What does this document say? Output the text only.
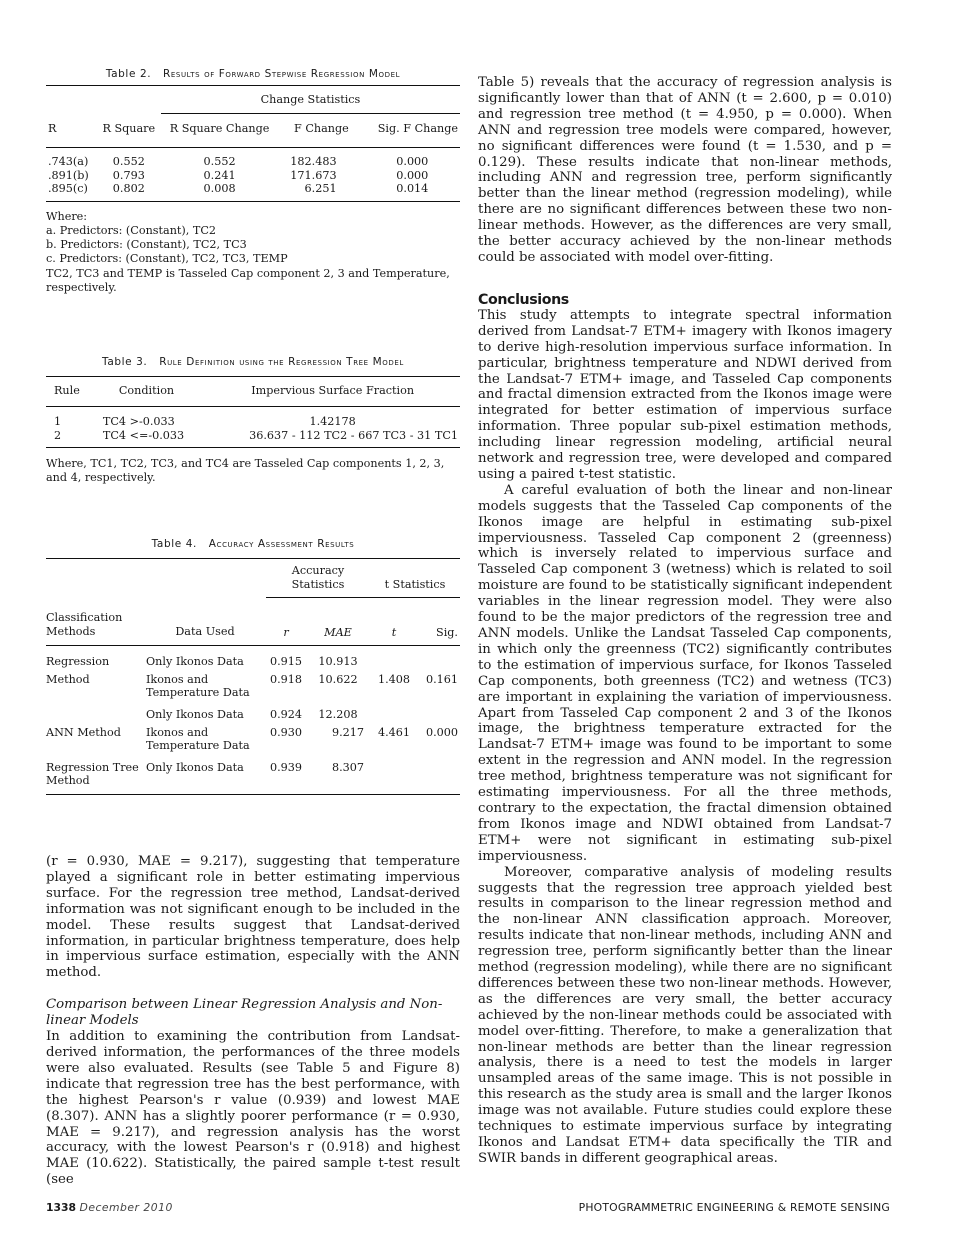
Table 2. Results of Forward Stepwise Regression Model

		Change Statistics		
R	R Square	R Square Change	F Change	Sig. F Change
.743(a)	0.552	0.552	182.483	0.000
.891(b)	0.793	0.241	171.673	0.000
.895(c)	0.802	0.008	6.251	0.014

Where:

a. Predictors: (Constant), TC2

b. Predictors: (Constant), TC2, TC3

c. Predictors: (Constant), TC2, TC3, TEMP

TC2, TC3 and TEMP is Tasseled Cap component 2, 3 and Temperature, respectively.

Table 3. Rule Definition using the Regression Tree Model

Rule	Condition	Impervious Surface Fraction
1	TC4 >-0.033	1.42178
2	TC4 <=-0.033	36.637 - 112 TC2 - 667 TC3 - 31 TC1

Where, TC1, TC2, TC3, and TC4 are Tasseled Cap components 1, 2, 3, and 4, respectively.

Table 4. Accuracy Assessment Results

		Accuracy Statistics		t Statistics	
Classification Methods	Data Used	r	MAE	t	Sig.
Regression	Only Ikonos Data	0.915	10.913		
Method	Ikonos and Temperature Data	0.918	10.622	1.408	0.161
	Only Ikonos Data	0.924	12.208		
ANN Method	Ikonos and Temperature Data	0.930	9.217	4.461	0.000
Regression Tree Method	Only Ikonos Data	0.939	8.307		

(r = 0.930, MAE = 9.217), suggesting that temperature played a significant role in better estimating impervious surface. For the regression tree method, Landsat-derived information was not significant enough to be included in the model. These results suggest that Landsat-derived information, in particular brightness temperature, does help in impervious surface estimation, especially with the ANN method.

Comparison between Linear Regression Analysis and Non-linear Models

In addition to examining the contribution from Landsat-derived information, the performances of the three models were also evaluated. Results (see Table 5 and Figure 8) indicate that regression tree has the best performance, with the highest Pearson's r value (0.939) and lowest MAE (8.307). ANN has a slightly poorer performance (r = 0.930, MAE = 9.217), and regression analysis has the worst accuracy, with the lowest Pearson's r (0.918) and highest MAE (10.622). Statistically, the paired sample t-test result (see

Table 5) reveals that the accuracy of regression analysis is significantly lower than that of ANN (t = 2.600, p = 0.010) and regression tree method (t = 4.950, p = 0.000). When ANN and regression tree models were compared, however, no significant differences were found (t = 1.530, and p = 0.129). These results indicate that non-linear methods, including ANN and regression tree, perform significantly better than the linear method (regression modeling), while there are no significant differences between these two non-linear methods. However, as the differences are very small, the better accuracy achieved by the non-linear methods could be associated with model over-fitting.

Conclusions

This study attempts to integrate spectral information derived from Landsat-7 ETM+ imagery with Ikonos imagery to derive high-resolution impervious surface information. In particular, brightness temperature and NDWI derived from the Landsat-7 ETM+ image, and Tasseled Cap components and fractal dimension extracted from the Ikonos image were integrated for better estimation of impervious surface information. Three popular sub-pixel estimation methods, including linear regression modeling, artificial neural network and regression tree, were developed and compared using a paired t-test statistic.

A careful evaluation of both the linear and non-linear models suggests that the Tasseled Cap components of the Ikonos image are helpful in estimating sub-pixel imperviousness. Tasseled Cap component 2 (greenness) which is inversely related to impervious surface and Tasseled Cap component 3 (wetness) which is related to soil moisture are found to be statistically significant independent variables in the linear regression model. They were also found to be the major predictors of the regression tree and ANN models. Unlike the Landsat Tasseled Cap components, in which only the greenness (TC2) significantly contributes to the estimation of impervious surface, for Ikonos Tasseled Cap components, both greenness (TC2) and wetness (TC3) are important in explaining the variation of imperviousness. Apart from Tasseled Cap component 2 and 3 of the Ikonos image, the brightness temperature extracted for the Landsat-7 ETM+ image was found to be important to some extent in the regression and ANN model. In the regression tree method, brightness temperature was not significant for estimating imperviousness. For all the three methods, contrary to the expectation, the fractal dimension obtained from Ikonos image and NDWI obtained from Landsat-7 ETM+ were not significant in estimating sub-pixel imperviousness.

Moreover, comparative analysis of modeling results suggests that the regression tree approach yielded best results in comparison to the linear regression method and the non-linear ANN classification approach. Moreover, results indicate that non-linear methods, including ANN and regression tree, perform significantly better than the linear method (regression modeling), while there are no significant differences between these two non-linear methods. However, as the differences are very small, the better accuracy achieved by the non-linear methods could be associated with model over-fitting. Therefore, to make a generalization that non-linear methods are better than the linear regression analysis, there is a need to test the models in larger unsampled areas of the same image. This is not possible in this research as the study area is small and the larger Ikonos image was not available. Future studies could explore these techniques to estimate impervious surface by integrating Ikonos and Landsat ETM+ data specifically the TIR and SWIR bands in different geographical areas.

1338 December 2010	PHOTOGRAMMETRIC ENGINEERING & REMOTE SENSING
